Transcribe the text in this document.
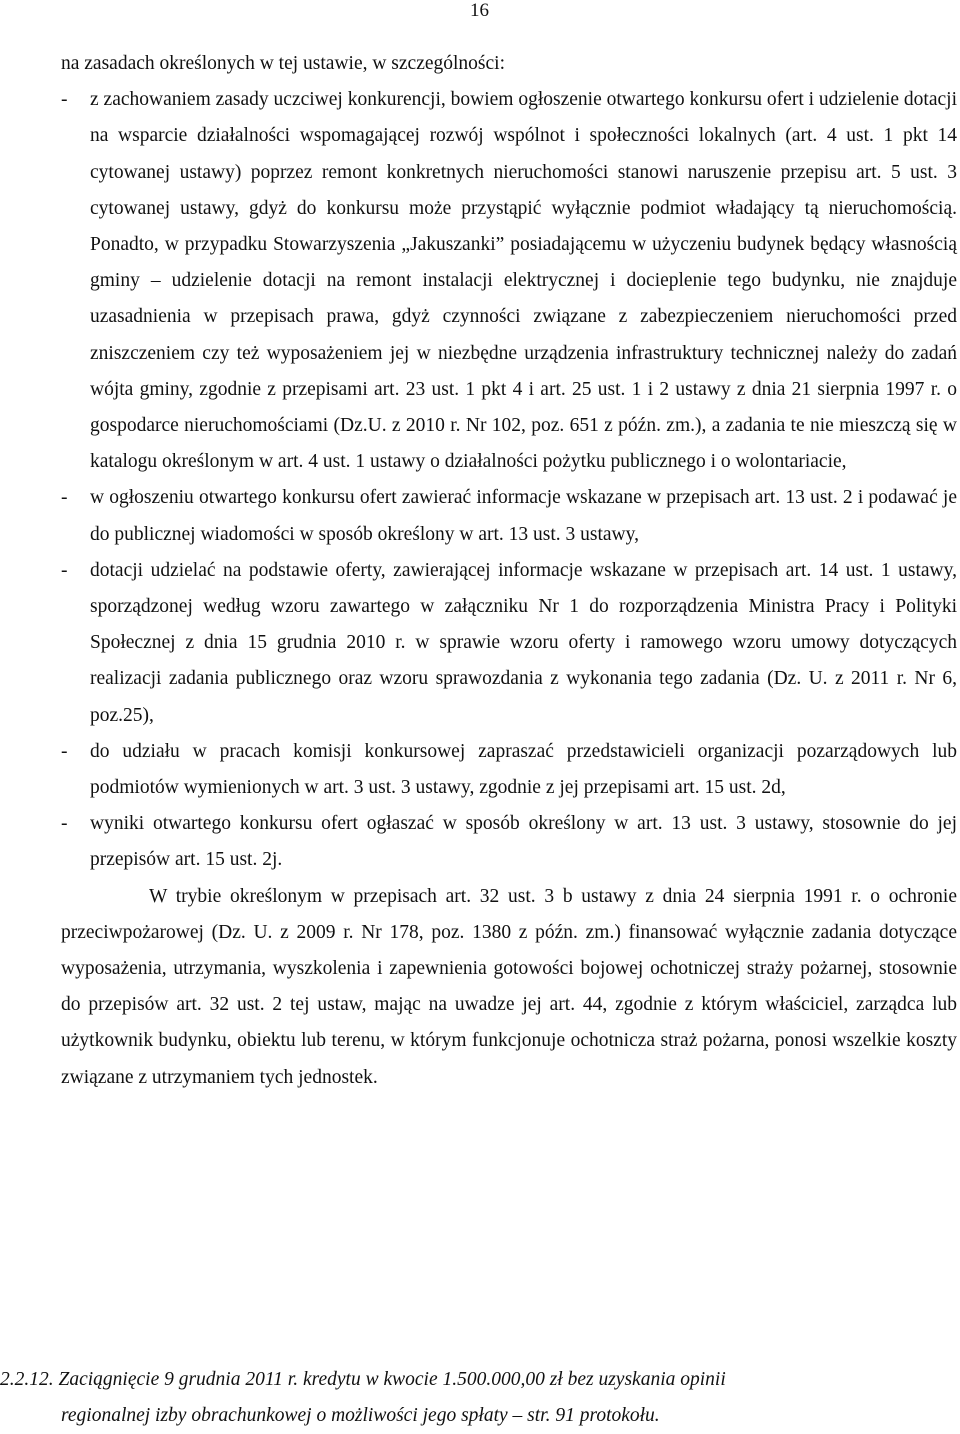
16

na zasadach określonych w tej ustawie, w szczególności:

- z zachowaniem zasady uczciwej konkurencji, bowiem ogłoszenie otwartego konkursu ofert i udzielenie dotacji na wsparcie działalności wspomagającej rozwój wspólnot i społeczności lokalnych (art. 4 ust. 1 pkt 14 cytowanej ustawy) poprzez remont konkretnych nieruchomości stanowi naruszenie przepisu art. 5 ust. 3 cytowanej ustawy, gdyż do konkursu może przystąpić wyłącznie podmiot władający tą nieruchomością. Ponadto, w przypadku Stowarzyszenia „Jakuszanki” posiadającemu w użyczeniu budynek będący własnością gminy – udzielenie dotacji na remont instalacji elektrycznej i docieplenie tego budynku, nie znajduje uzasadnienia w przepisach prawa, gdyż czynności związane z zabezpieczeniem nieruchomości przed zniszczeniem czy też wyposażeniem jej w niezbędne urządzenia infrastruktury technicznej należy do zadań wójta gminy, zgodnie z przepisami art. 23 ust. 1 pkt 4 i art. 25 ust. 1 i 2 ustawy z dnia 21 sierpnia 1997 r. o gospodarce nieruchomościami (Dz.U. z 2010 r. Nr 102, poz. 651 z późn. zm.), a zadania te nie mieszczą się w katalogu określonym w art. 4 ust. 1 ustawy o działalności pożytku publicznego i o wolontariacie,

- w ogłoszeniu otwartego konkursu ofert zawierać informacje wskazane w przepisach art. 13 ust. 2 i podawać je do publicznej wiadomości w sposób określony w art. 13 ust. 3 ustawy,

- dotacji udzielać na podstawie oferty, zawierającej informacje wskazane w przepisach art. 14 ust. 1 ustawy, sporządzonej według wzoru zawartego w załączniku Nr 1 do rozporządzenia Ministra Pracy i Polityki Społecznej z dnia 15 grudnia 2010 r. w sprawie wzoru oferty i ramowego wzoru umowy dotyczących realizacji zadania publicznego oraz wzoru sprawozdania z wykonania tego zadania (Dz. U. z 2011 r. Nr 6, poz.25),

- do udziału w pracach komisji konkursowej zapraszać przedstawicieli organizacji pozarządowych lub podmiotów wymienionych w art. 3 ust. 3 ustawy, zgodnie z jej przepisami art. 15 ust. 2d,

- wyniki otwartego konkursu ofert ogłaszać w sposób określony w art. 13 ust. 3 ustawy, stosownie do jej przepisów art. 15 ust. 2j.

W trybie określonym w przepisach art. 32 ust. 3 b ustawy z dnia 24 sierpnia 1991 r. o ochronie przeciwpożarowej (Dz. U. z 2009 r. Nr 178, poz. 1380 z późn. zm.) finansować wyłącznie zadania dotyczące wyposażenia, utrzymania, wyszkolenia i zapewnienia gotowości bojowej ochotniczej straży pożarnej, stosownie do przepisów art. 32 ust. 2 tej ustaw, mając na uwadze jej art. 44, zgodnie z którym właściciel, zarządca lub użytkownik budynku, obiektu lub terenu, w którym funkcjonuje ochotnicza straż pożarna, ponosi wszelkie koszty związane z utrzymaniem tych jednostek.

2.2.12. Zaciągnięcie 9 grudnia 2011 r. kredytu w kwocie 1.500.000,00 zł bez uzyskania opinii
regionalnej izby obrachunkowej o możliwości jego spłaty – str. 91 protokołu.
